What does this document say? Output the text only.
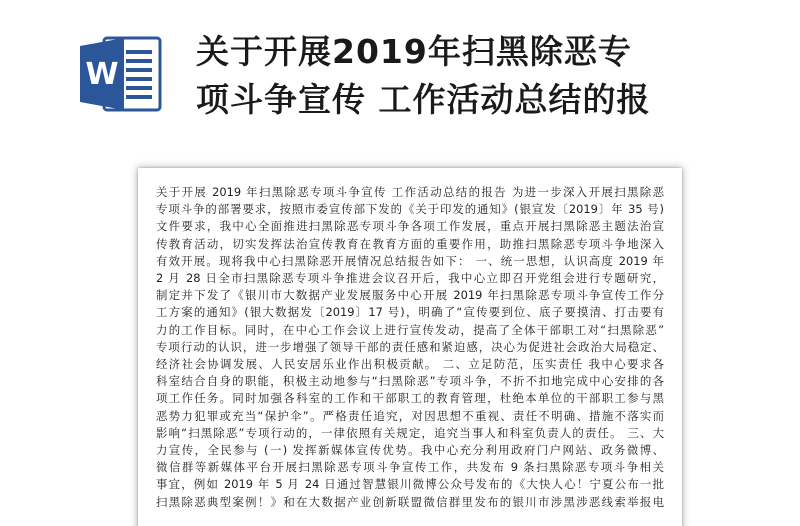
W
关于开展2019年扫黑除恶专
项斗争宣传 工作活动总结的报
关于开展 2019 年扫黑除恶专项斗争宣传 工作活动总结的报告 为进一步深入开展扫黑除恶
专项斗争的部署要求，按照市委宣传部下发的《关于印发的通知》(银宣发〔2019〕年 35 号)
文件要求，我中心全面推进扫黑除恶专项斗争各项工作发展，重点开展扫黑除恶主题法治宣
传教育活动，切实发挥法治宣传教育在教育方面的重要作用，助推扫黑除恶专项斗争地深入
有效开展。现将我中心扫黑除恶开展情况总结报告如下： 一、统一思想，认识高度 2019 年
2 月 28 日全市扫黑除恶专项斗争推进会议召开后，我中心立即召开党组会进行专题研究，
制定并下发了《银川市大数据产业发展服务中心开展 2019 年扫黑除恶专项斗争宣传工作分
工方案的通知》(银大数据发〔2019〕17 号)，明确了“宣传要到位、底子要摸清、打击要有
力的工作目标。同时，在中心工作会议上进行宣传发动，提高了全体干部职工对“扫黑除恶”
专项行动的认识，进一步增强了领导干部的责任感和紧迫感，决心为促进社会政治大局稳定、
经济社会协调发展、人民安居乐业作出积极贡献。 二、立足防范，压实责任 我中心要求各
科室结合自身的职能，积极主动地参与“扫黑除恶”专项斗争，不折不扣地完成中心安排的各
项工作任务。同时加强各科室的工作和干部职工的教育管理，杜绝本单位的干部职工参与黑
恶势力犯罪或充当“保护伞”。严格责任追究，对因思想不重视、责任不明确、措施不落实而
影响“扫黑除恶”专项行动的，一律依照有关规定，追究当事人和科室负责人的责任。 三、大
力宣传，全民参与 (一) 发挥新媒体宣传优势。我中心充分利用政府门户网站、政务微博、
微信群等新媒体平台开展扫黑除恶专项斗争宣传工作，共发布 9 条扫黑除恶专项斗争相关
事宜，例如 2019 年 5 月 24 日通过智慧银川微博公众号发布的《大快人心！宁夏公布一批
扫黑除恶典型案例！》和在大数据产业创新联盟微信群里发布的银川市涉黑涉恶线索举报电
